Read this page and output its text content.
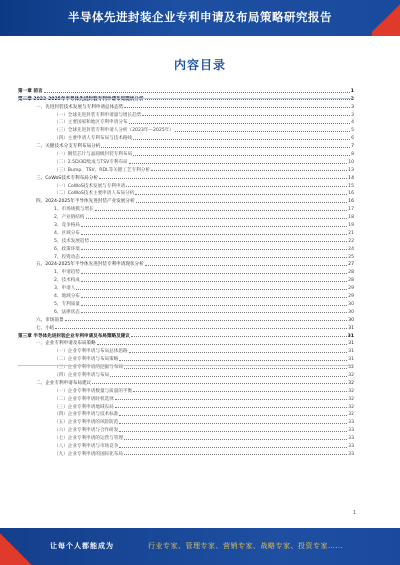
半导体先进封装企业专利申请及布局策略研究报告
内容目录
第一章 前言	1
第二章 2023-2025年半导体先进封装专利申请布局现状分析	3
一、先进封装技术发展与专利申请总体态势	3
（一）全球先进封装专利申请量与增长趋势	3
（二）主要国家和地区专利申请分布	4
（三）全球先进封装专利申请人分析（2023年—2025年）	5
（四）主要申请人专利布局与技术路线	6
二、关键技术分支专利布局分析	7
（一）倒装芯片与晶圆级封装专利布局	8
（二）2.5D/3D集成与TSV专利布局	10
（三）Bump、TSV、RDL等关键工艺专利分析	13
三、CoWoS技术专利布局分析	14
（一）CoWoS技术发展与专利申请	15
（二）CoWoS技术主要申请人布局分析	16
四、2024-2025年半导体先进封装产业发展分析	16
1、市场规模与增长	17
2、产业链结构	18
3、竞争格局	19
4、区域分布	21
5、技术发展趋势	22
6、政策环境	24
7、投资动态	25
五、2024-2025年半导体先进封装专利申请现状分析	27
1、申请趋势	28
2、技术构成	28
3、申请人	29
4、地域分布	29
5、专利质量	30
6、法律状态	30
六、市场前景	30
七、小结	31
第三章 半导体先进封装企业专利申请及布局策略及建议	31
一、企业专利申请及布局策略	31
（一）企业专利申请与布局总体思路	31
（二）企业专利申请与布局策略	31
（三）企业专利申请的挖掘与布局	32
（四）企业专利申请与布局	32
二、企业专利申请布局建议	32
（一）企业专利申请数量与质量的平衡	32
（二）企业专利申请时机选择	32
（三）企业专利申请地域布局	32
（四）企业专利申请与技术标准	32
（五）企业专利申请的风险防范	33
（六）企业专利申请与合作研发	33
（七）企业专利申请的运营与管理	33
（八）企业专利申请与市场竞争	33
（九）企业专利申请的国际化布局	33
1
让每个人都能成为	行业专家、管理专家、营销专家、战略专家、投资专家……
